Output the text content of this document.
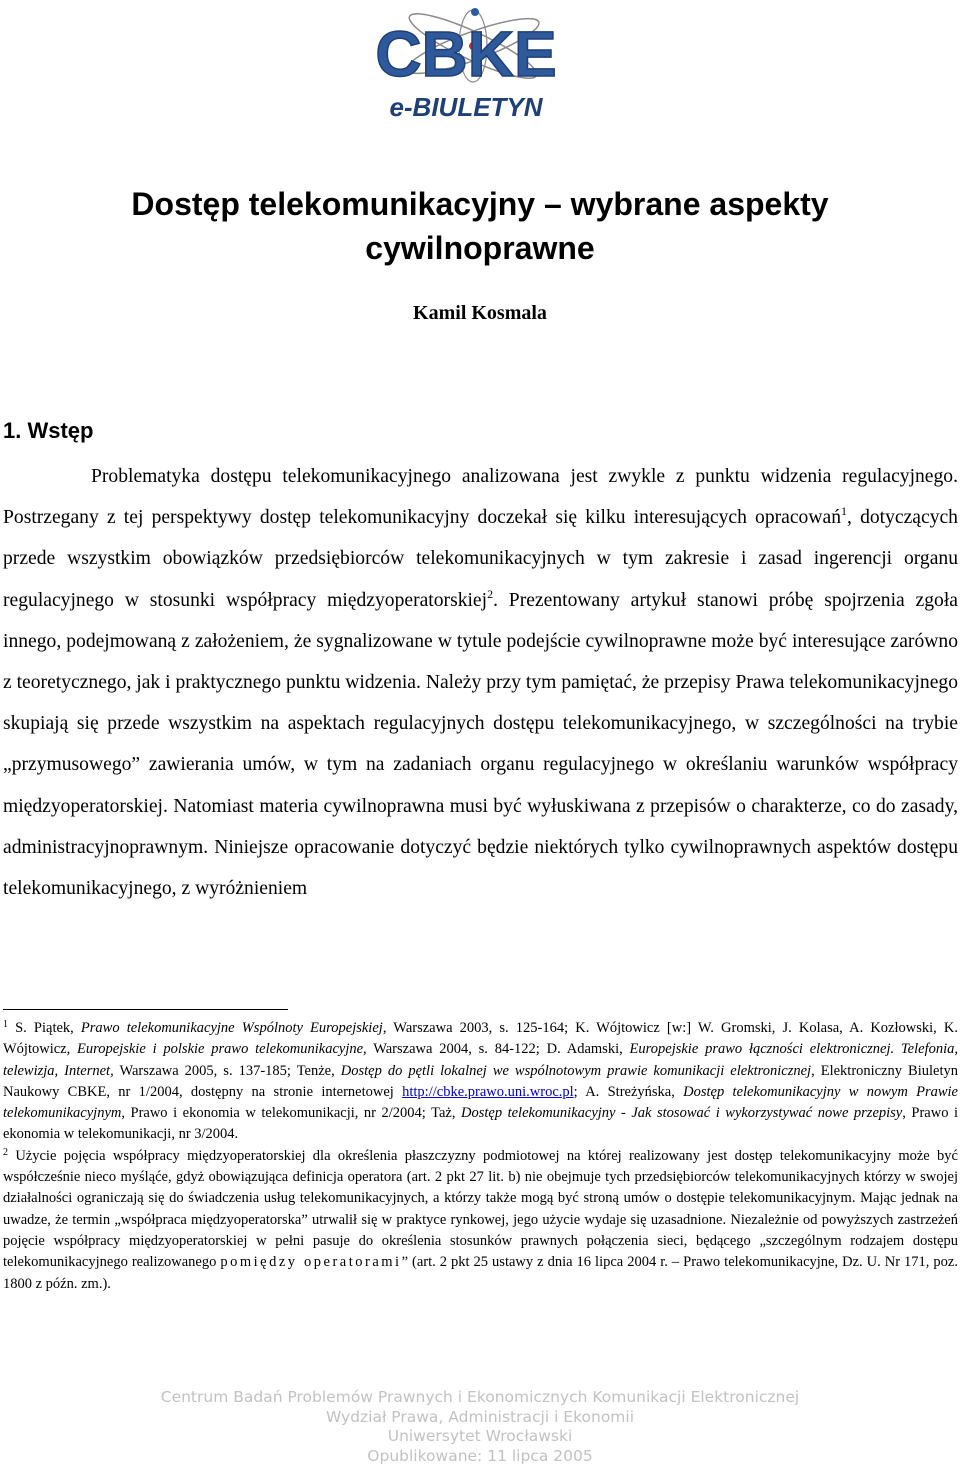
CBKE
e-BIULETYN
Dostęp telekomunikacyjny – wybrane aspekty cywilnoprawne
Kamil Kosmala
1. Wstęp

Problematyka dostępu telekomunikacyjnego analizowana jest zwykle z punktu widzenia regulacyjnego. Postrzegany z tej perspektywy dostęp telekomunikacyjny doczekał się kilku interesujących opracowań$^1$, dotyczących przede wszystkim obowiązków przedsiębiorców telekomunikacyjnych w tym zakresie i zasad ingerencji organu regulacyjnego w stosunki współpracy międzyoperatorskiej$^2$. Prezentowany artykuł stanowi próbę spojrzenia zgoła innego, podejmowaną z założeniem, że sygnalizowane w tytule podejście cywilnoprawne może być interesujące zarówno z teoretycznego, jak i praktycznego punktu widzenia. Należy przy tym pamiętać, że przepisy Prawa telekomunikacyjnego skupiają się przede wszystkim na aspektach regulacyjnych dostępu telekomunikacyjnego, w szczególności na trybie „przymusowego” zawierania umów, w tym na zadaniach organu regulacyjnego w określaniu warunków współpracy międzyoperatorskiej. Natomiast materia cywilnoprawna musi być wyłuskiwana z przepisów o charakterze, co do zasady, administracyjnoprawnym. Niniejsze opracowanie dotyczyć będzie niektórych tylko cywilnoprawnych aspektów dostępu telekomunikacyjnego, z wyróżnieniem

$^1$ S. Piątek, Prawo telekomunikacyjne Wspólnoty Europejskiej, Warszawa 2003, s. 125-164; K. Wójtowicz [w:] W. Gromski, J. Kolasa, A. Kozłowski, K. Wójtowicz, Europejskie i polskie prawo telekomunikacyjne, Warszawa 2004, s. 84-122; D. Adamski, Europejskie prawo łączności elektronicznej. Telefonia, telewizja, Internet, Warszawa 2005, s. 137-185; Tenże, Dostęp do pętli lokalnej we wspólnotowym prawie komunikacji elektronicznej, Elektroniczny Biuletyn Naukowy CBKE, nr 1/2004, dostępny na stronie internetowej http://cbke.prawo.uni.wroc.pl; A. Streżyńska, Dostęp telekomunikacyjny w nowym Prawie telekomunikacyjnym, Prawo i ekonomia w telekomunikacji, nr 2/2004; Taż, Dostęp telekomunikacyjny - Jak stosować i wykorzystywać nowe przepisy, Prawo i ekonomia w telekomunikacji, nr 3/2004.

$^2$ Użycie pojęcia współpracy międzyoperatorskiej dla określenia płaszczyzny podmiotowej na której realizowany jest dostęp telekomunikacyjny może być współcześnie nieco myśląće, gdyż obowiązująca definicja operatora (art. 2 pkt 27 lit. b) nie obejmuje tych przedsiębiorców telekomunikacyjnych którzy w swojej działalności ograniczają się do świadczenia usług telekomunikacyjnych, a którzy także mogą być stroną umów o dostępie telekomunikacyjnym. Mając jednak na uwadze, że termin „współpraca międzyoperatorska” utrwalił się w praktyce rynkowej, jego użycie wydaje się uzasadnione. Niezależnie od powyższych zastrzeżeń pojęcie współpracy międzyoperatorskiej w pełni pasuje do określenia stosunków prawnych połączenia sieci, będącego „szczególnym rodzajem dostępu telekomunikacyjnego realizowanego pomiędzy operatorami” (art. 2 pkt 25 ustawy z dnia 16 lipca 2004 r. – Prawo telekomunikacyjne, Dz. U. Nr 171, poz. 1800 z późn. zm.).

Centrum Badań Problemów Prawnych i Ekonomicznych Komunikacji Elektronicznej
Wydział Prawa, Administracji i Ekonomii
Uniwersytet Wrocławski
Opublikowane: 11 lipca 2005
